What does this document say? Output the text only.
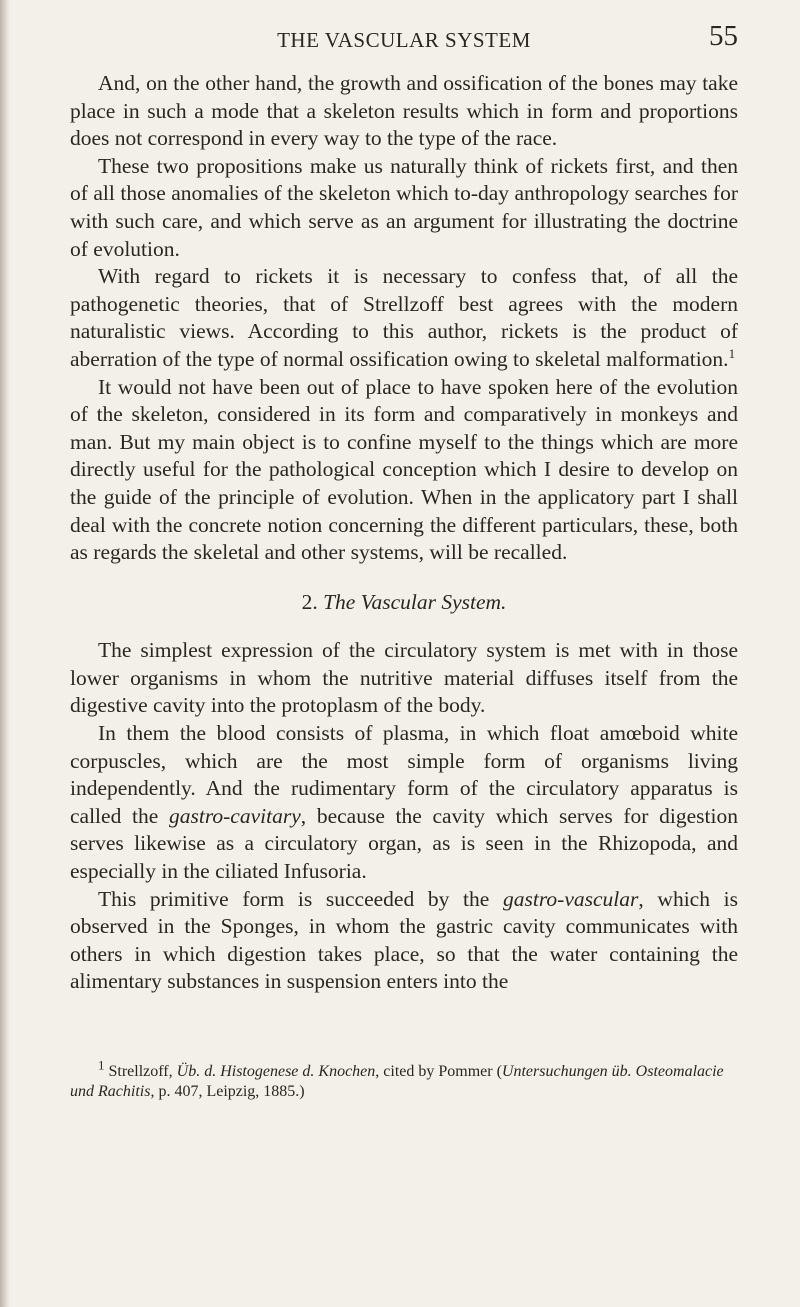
THE VASCULAR SYSTEM	55

And, on the other hand, the growth and ossification of the bones may take place in such a mode that a skeleton results which in form and proportions does not correspond in every way to the type of the race.

These two propositions make us naturally think of rickets first, and then of all those anomalies of the skeleton which to-day anthropology searches for with such care, and which serve as an argument for illustrating the doctrine of evolution.

With regard to rickets it is necessary to confess that, of all the pathogenetic theories, that of Strellzoff best agrees with the modern naturalistic views. According to this author, rickets is the product of aberration of the type of normal ossification owing to skeletal malformation.$^1$

It would not have been out of place to have spoken here of the evolution of the skeleton, considered in its form and comparatively in monkeys and man. But my main object is to confine myself to the things which are more directly useful for the pathological conception which I desire to develop on the guide of the principle of evolution. When in the applicatory part I shall deal with the concrete notion concerning the different particulars, these, both as regards the skeletal and other systems, will be recalled.

2. The Vascular System.

The simplest expression of the circulatory system is met with in those lower organisms in whom the nutritive material diffuses itself from the digestive cavity into the protoplasm of the body.

In them the blood consists of plasma, in which float amœboid white corpuscles, which are the most simple form of organisms living independently. And the rudimentary form of the circulatory apparatus is called the gastro-cavitary, because the cavity which serves for digestion serves likewise as a circulatory organ, as is seen in the Rhizopoda, and especially in the ciliated Infusoria.

This primitive form is succeeded by the gastro-vascular, which is observed in the Sponges, in whom the gastric cavity communicates with others in which digestion takes place, so that the water containing the alimentary substances in suspension enters into the

$^1$ Strellzoff, Üb. d. Histogenese d. Knochen, cited by Pommer (Untersuchungen üb. Osteomalacie und Rachitis, p. 407, Leipzig, 1885.)
